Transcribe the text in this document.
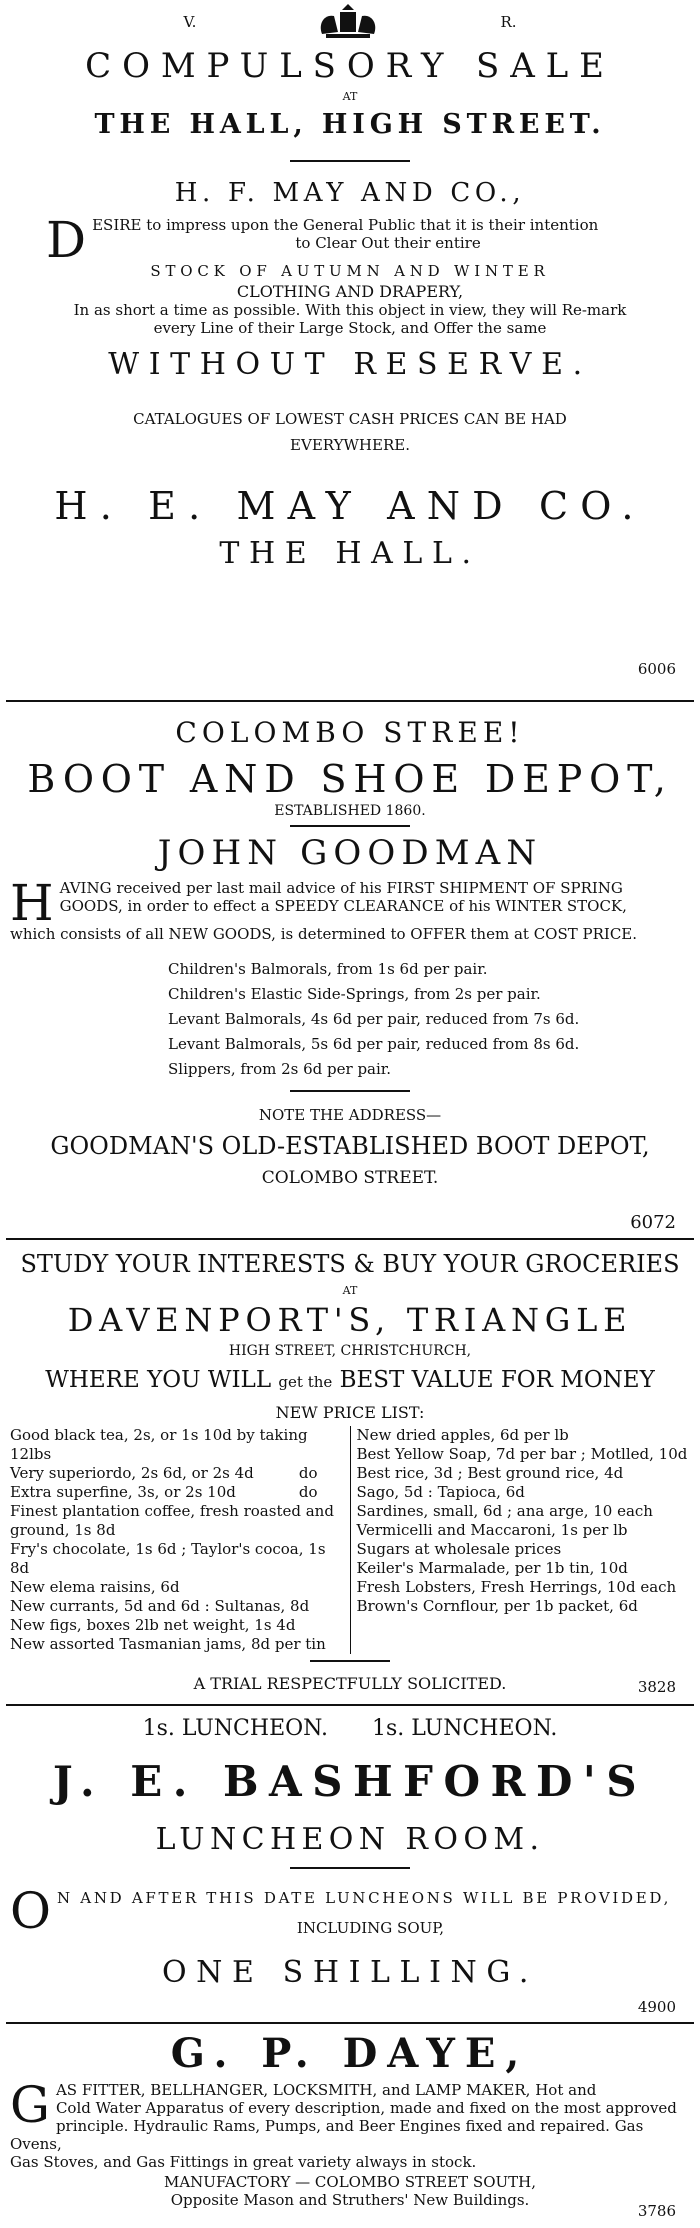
V.	R.
COMPULSORY SALE
AT
THE HALL, HIGH STREET.
H. F. MAY AND CO.,
D ESIRE to impress upon the General Public that it is their intention
to Clear Out their entire
STOCK OF AUTUMN AND WINTER
CLOTHING AND DRAPERY,
In as short a time as possible. With this object in view, they will Re-mark
every Line of their Large Stock, and Offer the same
WITHOUT RESERVE.
CATALOGUES OF LOWEST CASH PRICES CAN BE HAD
EVERYWHERE.
H. E. MAY AND CO.
THE HALL.
6006
COLOMBO STREE!
BOOT AND SHOE DEPOT,
ESTABLISHED 1860.
JOHN GOODMAN
H AVING received per last mail advice of his FIRST SHIPMENT OF SPRING
GOODS, in order to effect a SPEEDY CLEARANCE of his WINTER STOCK,
which consists of all NEW GOODS, is determined to OFFER them at COST PRICE.
Children's Balmorals, from 1s 6d per pair.
Children's Elastic Side-Springs, from 2s per pair.
Levant Balmorals, 4s 6d per pair, reduced from 7s 6d.
Levant Balmorals, 5s 6d per pair, reduced from 8s 6d.
Slippers, from 2s 6d per pair.
NOTE THE ADDRESS—
GOODMAN'S OLD-ESTABLISHED BOOT DEPOT,
COLOMBO STREET.
6072
STUDY YOUR INTERESTS & BUY YOUR GROCERIES
AT
DAVENPORT'S, TRIANGLE
HIGH STREET, CHRISTCHURCH,
WHERE YOU WILL get the BEST VALUE FOR MONEY
NEW PRICE LIST:
Good black tea, 2s, or 1s 10d by taking 12lbs
Very superiordo, 2s 6d, or 2s 4d	do
Extra superfine, 3s, or 2s 10d	do
Finest plantation coffee, fresh roasted and
ground, 1s 8d
Fry's chocolate, 1s 6d ; Taylor's cocoa, 1s 8d
New elema raisins, 6d
New currants, 5d and 6d : Sultanas, 8d
New figs, boxes 2lb net weight, 1s 4d
New assorted Tasmanian jams, 8d per tin
New dried apples, 6d per lb
Best Yellow Soap, 7d per bar ; Motlled, 10d
Best rice, 3d ; Best ground rice, 4d
Sago, 5d : Tapioca, 6d
Sardines, small, 6d ; ana arge, 10 each
Vermicelli and Maccaroni, 1s per lb
Sugars at wholesale prices
Keiler's Marmalade, per 1b tin, 10d
Fresh Lobsters, Fresh Herrings, 10d each
Brown's Cornflour, per 1b packet, 6d
A TRIAL RESPECTFULLY SOLICITED.	3828
1s. LUNCHEON. 1s. LUNCHEON.
J. E. BASHFORD'S
LUNCHEON ROOM.
O N AND AFTER THIS DATE LUNCHEONS WILL BE PROVIDED,
INCLUDING SOUP,
ONE SHILLING.
4900
G. P. DAYE,
G AS FITTER, BELLHANGER, LOCKSMITH, and LAMP MAKER, Hot and
Cold Water Apparatus of every description, made and fixed on the most approved
principle. Hydraulic Rams, Pumps, and Beer Engines fixed and repaired. Gas Ovens,
Gas Stoves, and Gas Fittings in great variety always in stock.
MANUFACTORY — COLOMBO STREET SOUTH,
Opposite Mason and Struthers' New Buildings.
3786
